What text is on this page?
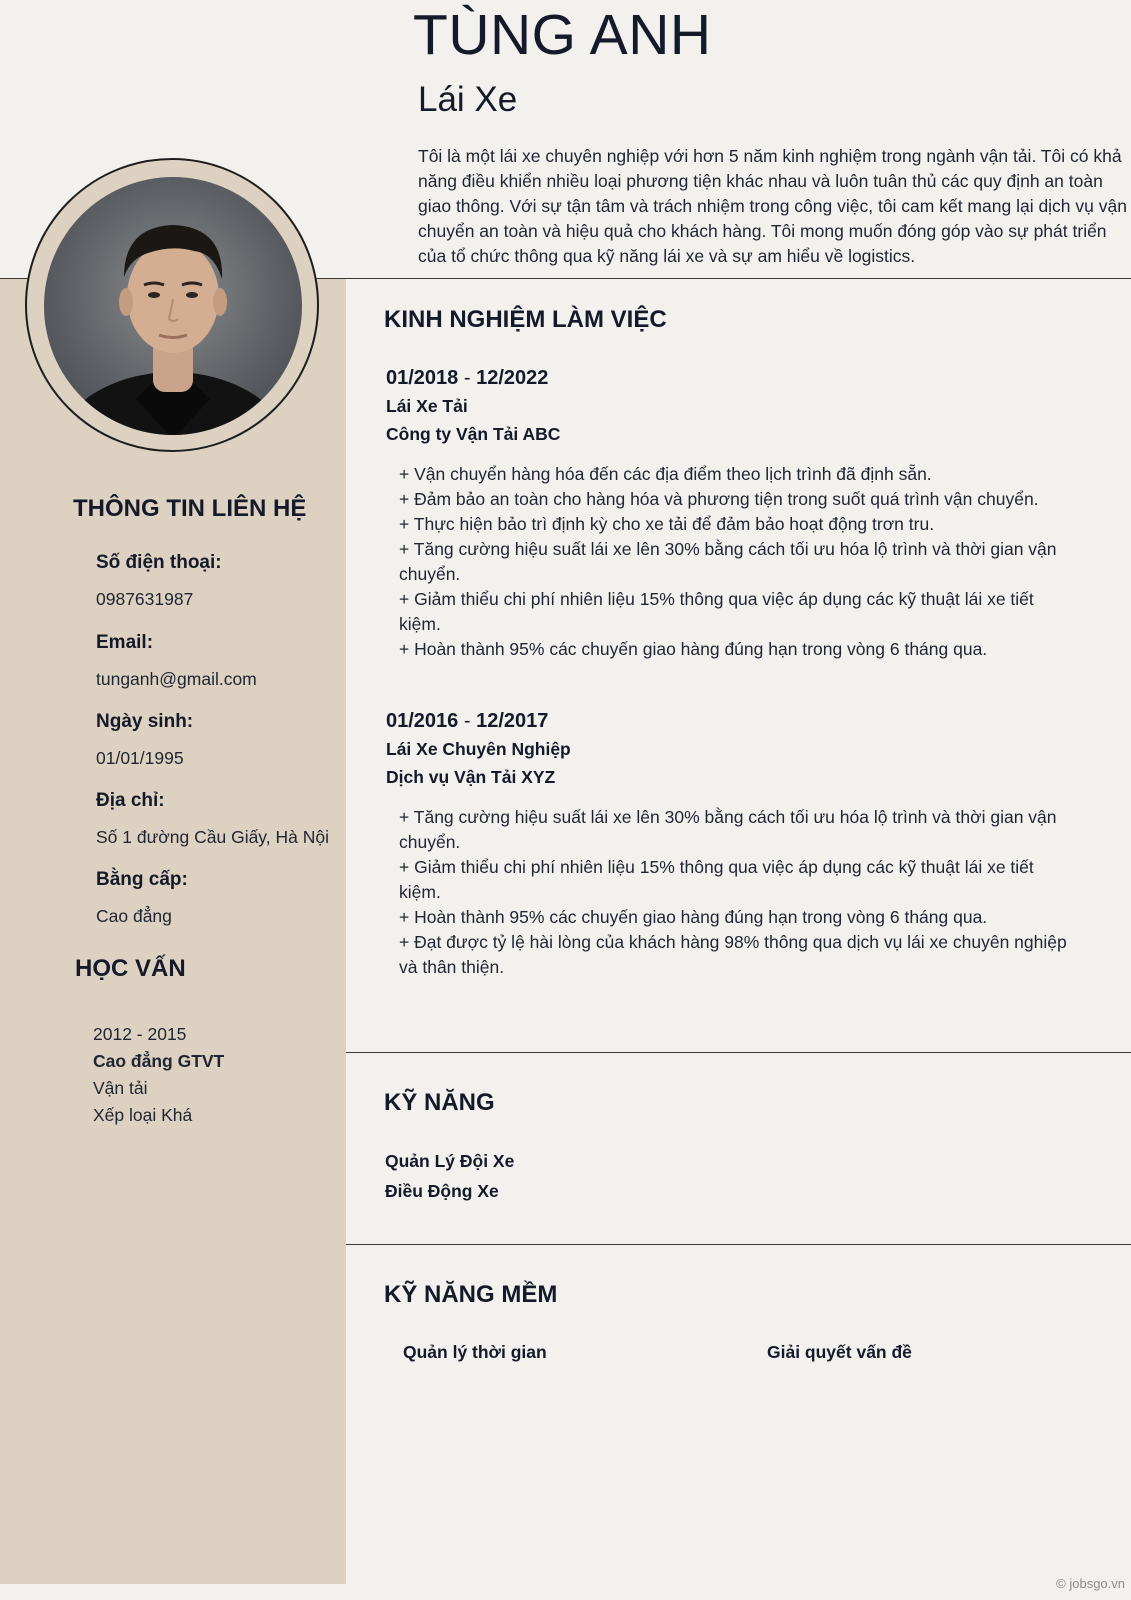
TÙNG ANH
Lái Xe
Tôi là một lái xe chuyên nghiệp với hơn 5 năm kinh nghiệm trong ngành vận tải. Tôi có khả năng điều khiển nhiều loại phương tiện khác nhau và luôn tuân thủ các quy định an toàn giao thông. Với sự tận tâm và trách nhiệm trong công việc, tôi cam kết mang lại dịch vụ vận chuyển an toàn và hiệu quả cho khách hàng. Tôi mong muốn đóng góp vào sự phát triển của tổ chức thông qua kỹ năng lái xe và sự am hiểu về logistics.
THÔNG TIN LIÊN HỆ
Số điện thoại:
0987631987
Email:
tunganh@gmail.com
Ngày sinh:
01/01/1995
Địa chỉ:
Số 1 đường Cầu Giấy, Hà Nội
Bằng cấp:
Cao đẳng
HỌC VẤN
2012 - 2015
Cao đẳng GTVT
Vận tải
Xếp loại Khá
KINH NGHIỆM LÀM VIỆC
01/2018 - 12/2022
Lái Xe Tải
Công ty Vận Tải ABC
+ Vận chuyển hàng hóa đến các địa điểm theo lịch trình đã định sẵn.
+ Đảm bảo an toàn cho hàng hóa và phương tiện trong suốt quá trình vận chuyển.
+ Thực hiện bảo trì định kỳ cho xe tải để đảm bảo hoạt động trơn tru.
+ Tăng cường hiệu suất lái xe lên 30% bằng cách tối ưu hóa lộ trình và thời gian vận chuyển.
+ Giảm thiểu chi phí nhiên liệu 15% thông qua việc áp dụng các kỹ thuật lái xe tiết kiệm.
+ Hoàn thành 95% các chuyến giao hàng đúng hạn trong vòng 6 tháng qua.
01/2016 - 12/2017
Lái Xe Chuyên Nghiệp
Dịch vụ Vận Tải XYZ
+ Tăng cường hiệu suất lái xe lên 30% bằng cách tối ưu hóa lộ trình và thời gian vận chuyển.
+ Giảm thiểu chi phí nhiên liệu 15% thông qua việc áp dụng các kỹ thuật lái xe tiết kiệm.
+ Hoàn thành 95% các chuyến giao hàng đúng hạn trong vòng 6 tháng qua.
+ Đạt được tỷ lệ hài lòng của khách hàng 98% thông qua dịch vụ lái xe chuyên nghiệp và thân thiện.
KỸ NĂNG
Quản Lý Đội Xe
Điều Động Xe
KỸ NĂNG MỀM
Quản lý thời gian	Giải quyết vấn đề
© jobsgo.vn
